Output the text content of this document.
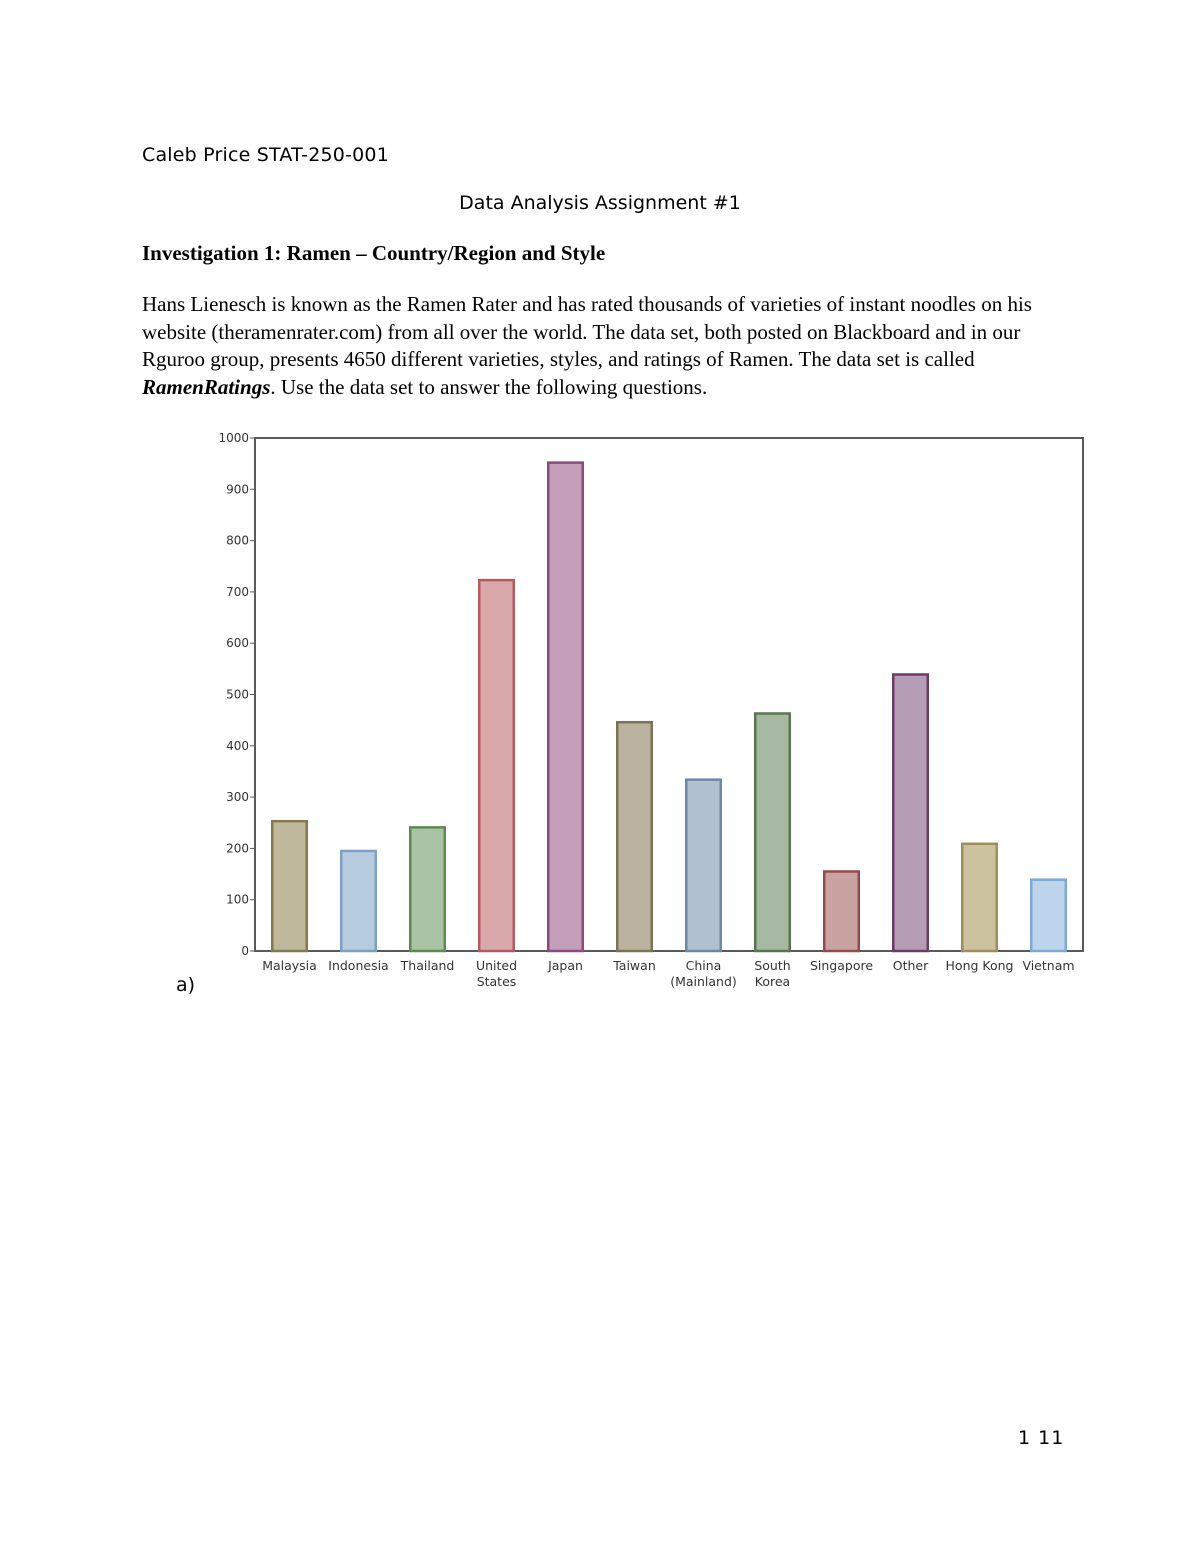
Caleb Price STAT-250-001
Data Analysis Assignment #1
Investigation 1: Ramen – Country/Region and Style

Hans Lienesch is known as the Ramen Rater and has rated thousands of varieties of instant noodles on his website (theramenrater.com) from all over the world. The data set, both posted on Blackboard and in our Rguroo group, presents 4650 different varieties, styles, and ratings of Ramen. The data set is called RamenRatings. Use the data set to answer the following questions.

0
100
200
300
400
500
600
700
800
900
1000
Malaysia Indonesia Thailand United
States
Japan Taiwan China
(Mainland)
South
Korea
Singapore Other Hong Kong Vietnam
a)
1 11
